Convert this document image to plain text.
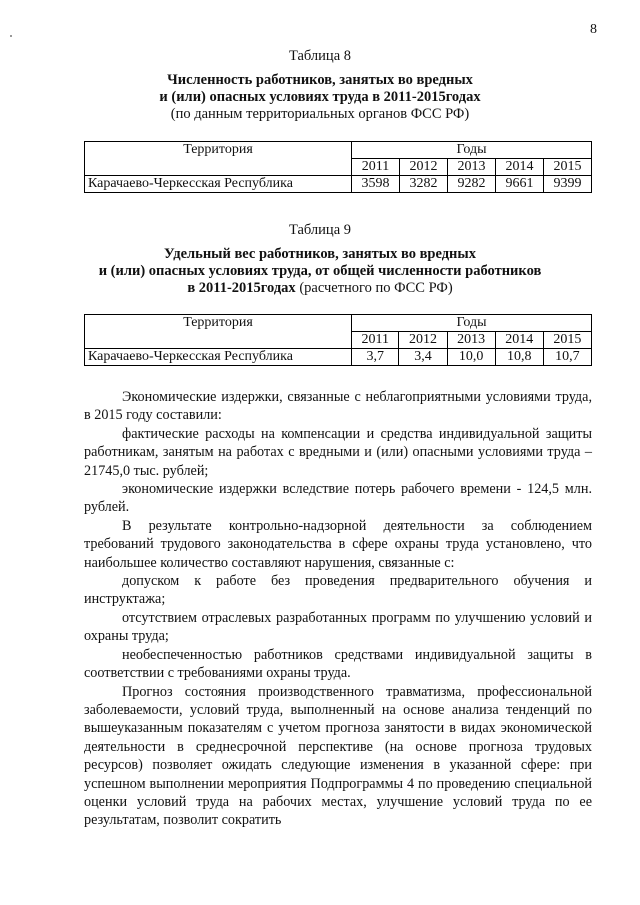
8
Таблица 8
Численность работников, занятых во вредных
и (или) опасных условиях труда в 2011-2015годах
(по данным территориальных органов ФСС РФ)
Территория	Годы				
	2011	2012	2013	2014	2015
Карачаево-Черкесская Республика	3598	3282	9282	9661	9399
Таблица 9
Удельный вес работников, занятых во вредных
и (или) опасных условиях труда, от общей численности работников
в 2011-2015годах (расчетного по ФСС РФ)
Территория	Годы				
	2011	2012	2013	2014	2015
Карачаево-Черкесская Республика	3,7	3,4	10,0	10,8	10,7

Экономические издержки, связанные с неблагоприятными условиями труда, в 2015 году составили:

фактические расходы на компенсации и средства индивидуальной защиты работникам, занятым на работах с вредными и (или) опасными условиями труда – 21745,0 тыс. рублей;

экономические издержки вследствие потерь рабочего времени - 124,5 млн. рублей.

В результате контрольно-надзорной деятельности за соблюдением требований трудового законодательства в сфере охраны труда установлено, что наибольшее количество составляют нарушения, связанные с:

допуском к работе без проведения предварительного обучения и инструктажа;

отсутствием отраслевых разработанных программ по улучшению условий и охраны труда;

необеспеченностью работников средствами индивидуальной защиты в соответствии с требованиями охраны труда.

Прогноз состояния производственного травматизма, профессиональной заболеваемости, условий труда, выполненный на основе анализа тенденций по вышеуказанным показателям с учетом прогноза занятости в видах экономической деятельности в среднесрочной перспективе (на основе прогноза трудовых ресурсов) позволяет ожидать следующие изменения в указанной сфере: при успешном выполнении мероприятия Подпрограммы 4 по проведению специальной оценки условий труда на рабочих местах, улучшение условий труда по ее результатам, позволит сократить
